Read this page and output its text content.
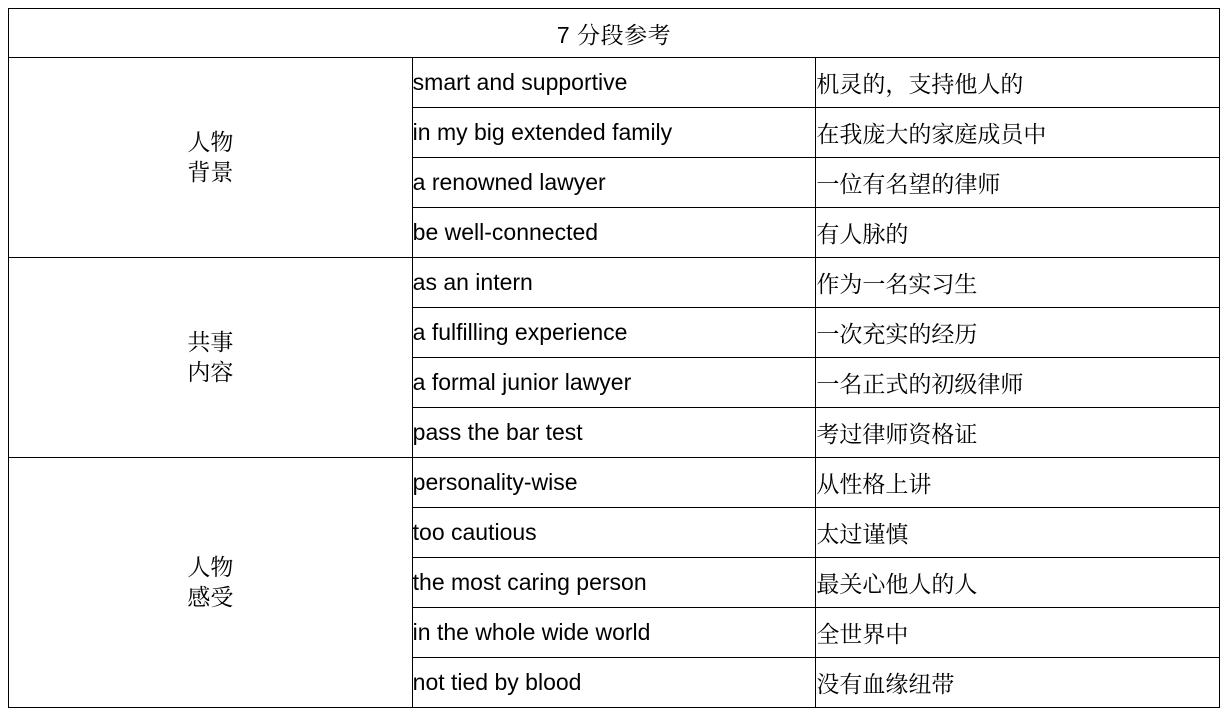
7 分段参考		

人物
背景	smart and supportive	机灵的，支持他人的
	in my big extended family	在我庞大的家庭成员中
	a renowned lawyer	一位有名望的律师
	be well-connected	有人脉的

共事
内容	as an intern	作为一名实习生
	a fulfilling experience	一次充实的经历
	a formal junior lawyer	一名正式的初级律师
	pass the bar test	考过律师资格证

人物
感受	personality-wise	从性格上讲
	too cautious	太过谨慎
	the most caring person	最关心他人的人
	in the whole wide world	全世界中
	not tied by blood	没有血缘纽带
